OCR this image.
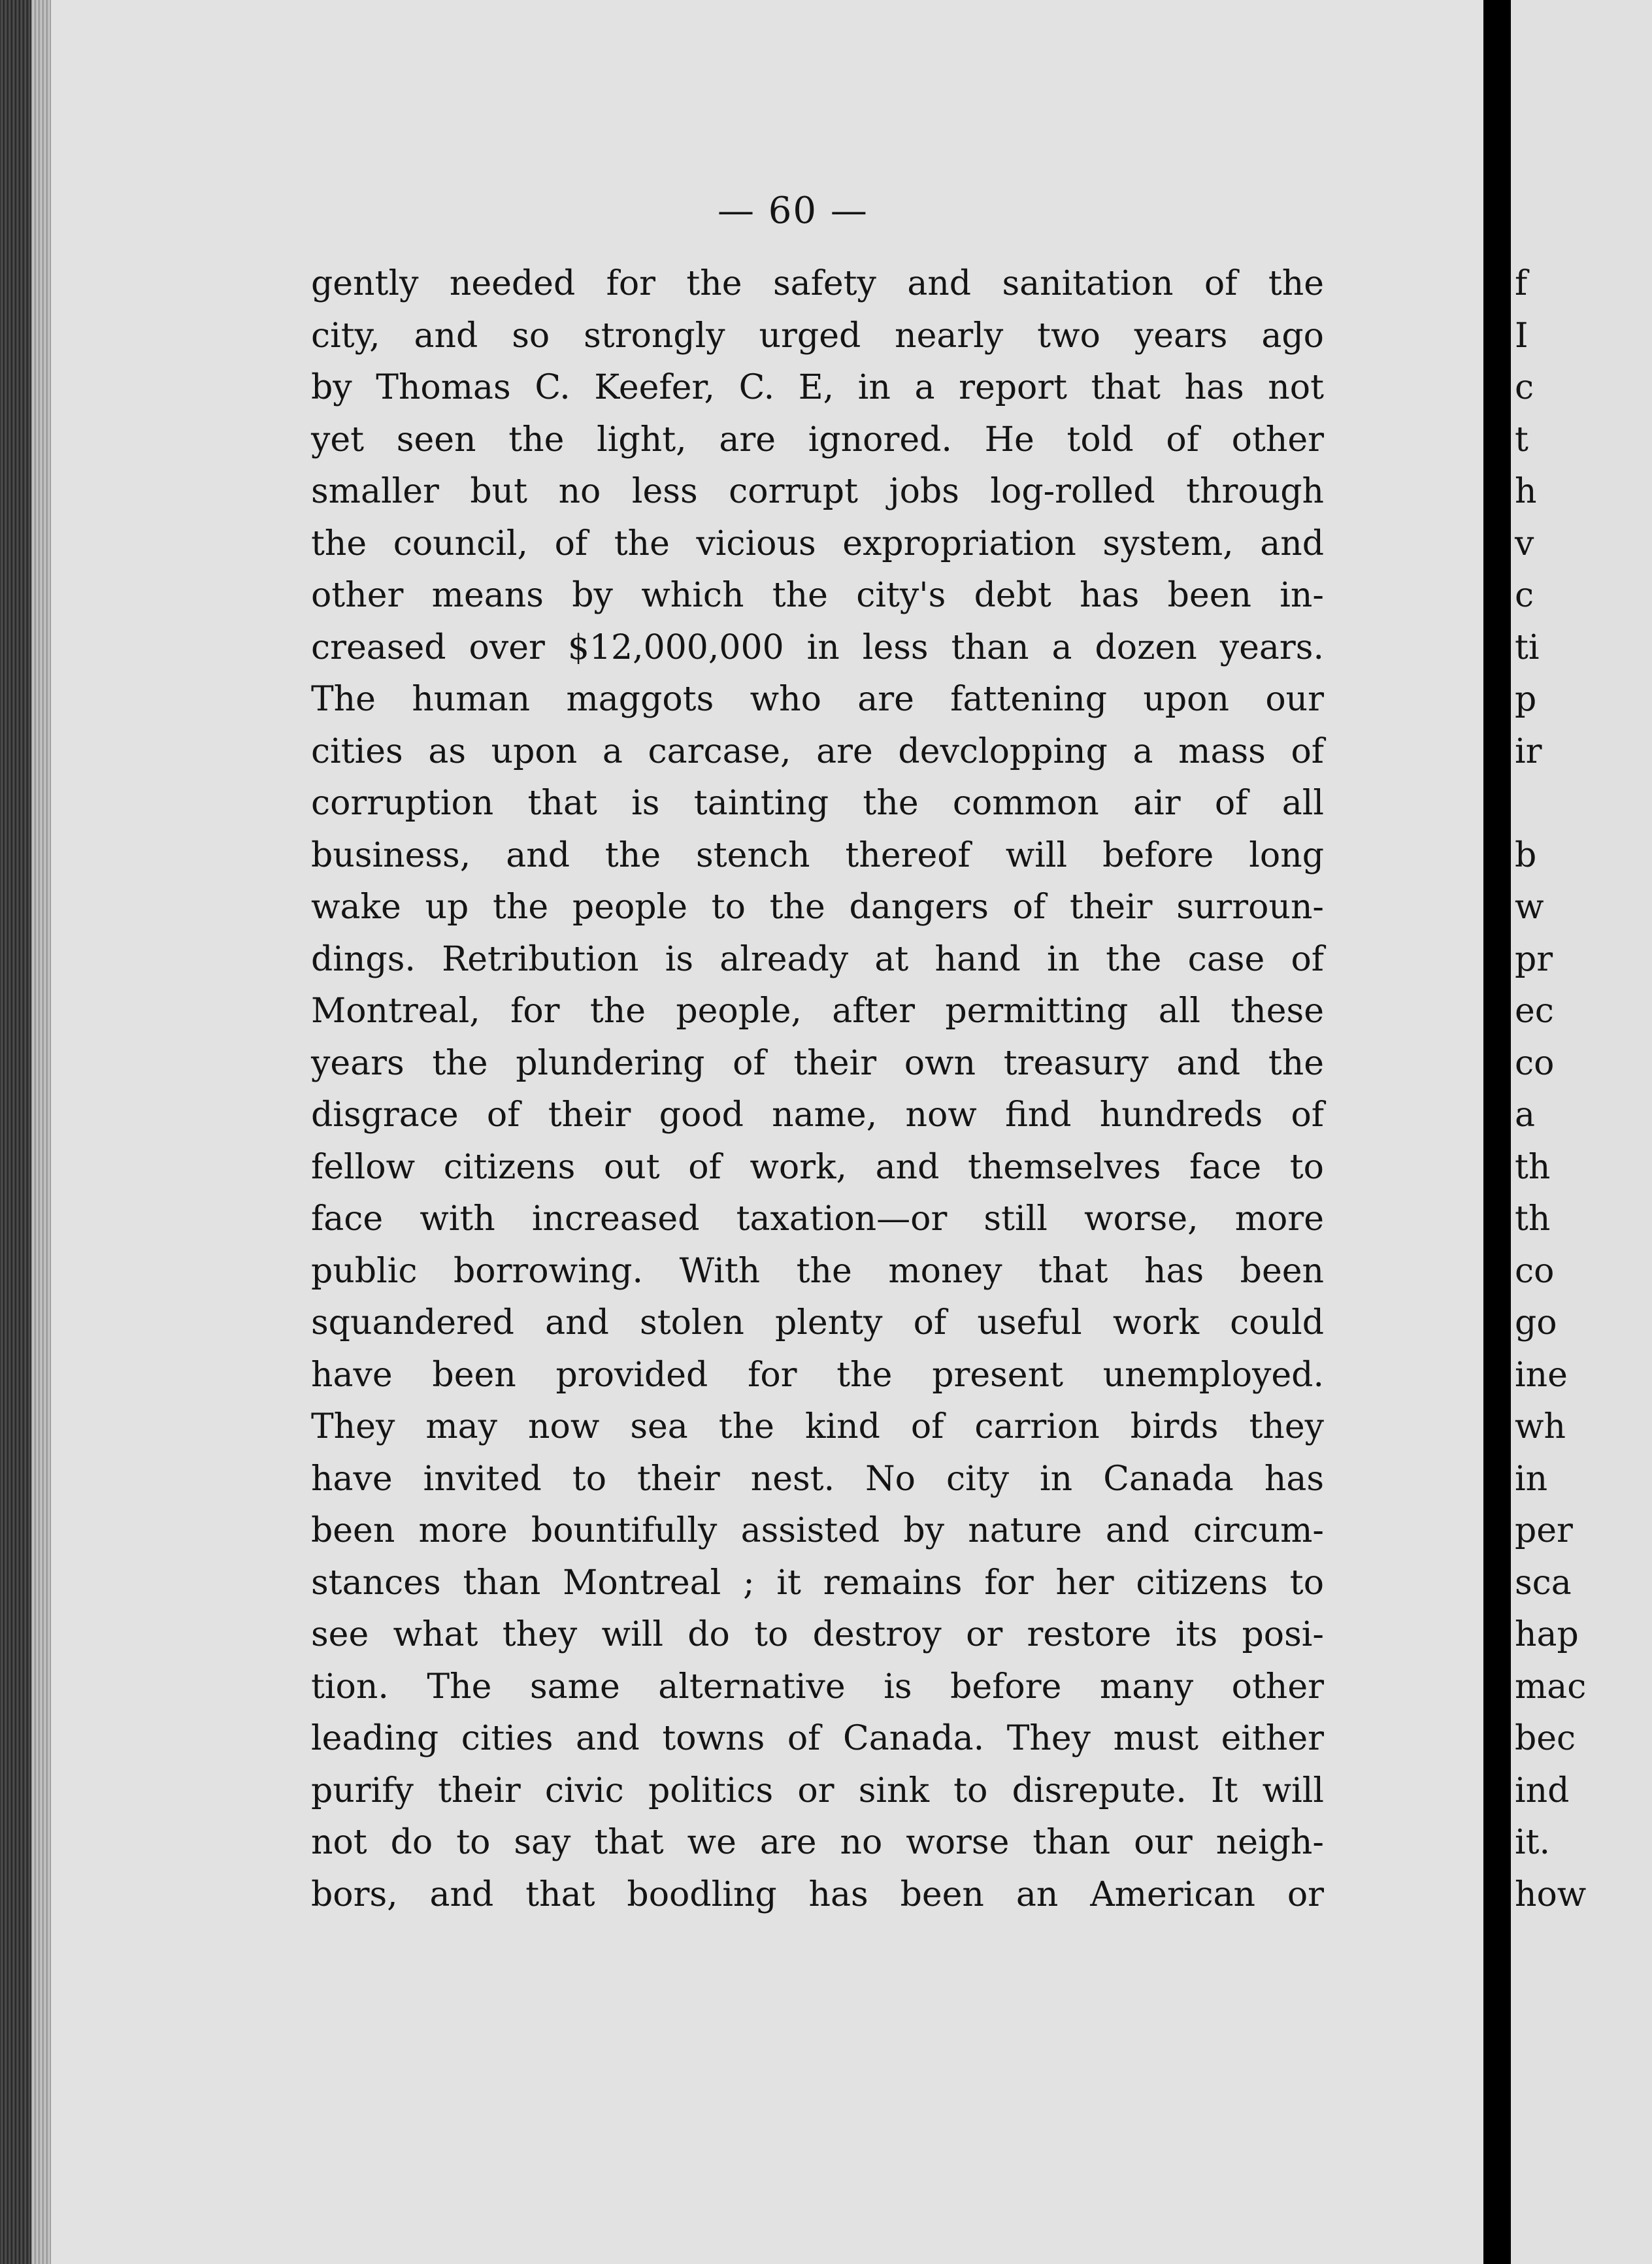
— 60 —
gently needed for the safety and sanitation of the
city, and so strongly urged nearly two years ago
by Thomas C. Keefer, C. E, in a report that has not
yet seen the light, are ignored. He told of other
smaller but no less corrupt jobs log-rolled through
the council, of the vicious expropriation system, and
other means by which the city's debt has been in-
creased over $12,000,000 in less than a dozen years.
The human maggots who are fattening upon our
cities as upon a carcase, are devclopping a mass of
corruption that is tainting the common air of all
business, and the stench thereof will before long
wake up the people to the dangers of their surroun-
dings. Retribution is already at hand in the case of
Montreal, for the people, after permitting all these
years the plundering of their own treasury and the
disgrace of their good name, now find hundreds of
fellow citizens out of work, and themselves face to
face with increased taxation—or still worse, more
public borrowing. With the money that has been
squandered and stolen plenty of useful work could
have been provided for the present unemployed.
They may now sea the kind of carrion birds they
have invited to their nest. No city in Canada has
been more bountifully assisted by nature and circum-
stances than Montreal ; it remains for her citizens to
see what they will do to destroy or restore its posi-
tion. The same alternative is before many other
leading cities and towns of Canada. They must either
purify their civic politics or sink to disrepute. It will
not do to say that we are no worse than our neigh-
bors, and that boodling has been an American or
f
I
c
t
h
v
c
ti
p
ir
b
w
pr
ec
co
a
th
th
co
go
ine
wh
in
per
sca
hap
mac
bec
ind
it.
how
